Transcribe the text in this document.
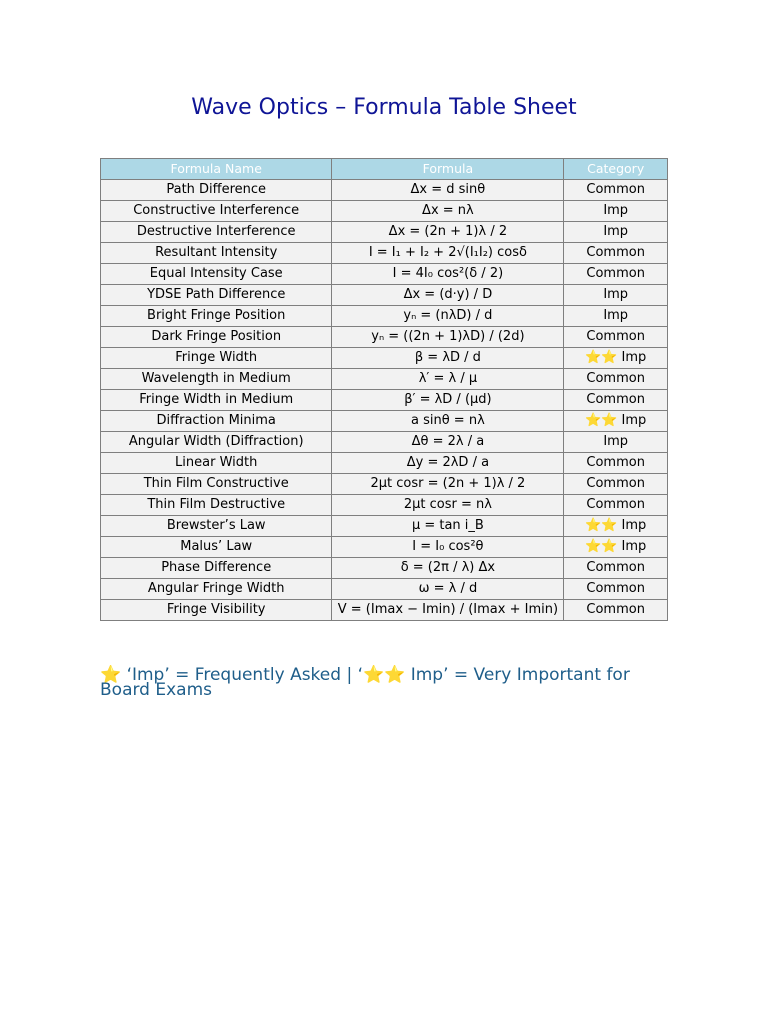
Wave Optics – Formula Table Sheet
Formula Name	Formula	Category
Path Difference	Δx = d sinθ	Common
Constructive Interference	Δx = nλ	Imp
Destructive Interference	Δx = (2n + 1)λ / 2	Imp
Resultant Intensity	I = I₁ + I₂ + 2√(I₁I₂) cosδ	Common
Equal Intensity Case	I = 4I₀ cos²(δ / 2)	Common
YDSE Path Difference	Δx = (d·y) / D	Imp
Bright Fringe Position	yₙ = (nλD) / d	Imp
Dark Fringe Position	yₙ = ((2n + 1)λD) / (2d)	Common
Fringe Width	β = λD / d	⭐⭐ Imp
Wavelength in Medium	λ′ = λ / μ	Common
Fringe Width in Medium	β′ = λD / (μd)	Common
Diffraction Minima	a sinθ = nλ	⭐⭐ Imp
Angular Width (Diffraction)	Δθ = 2λ / a	Imp
Linear Width	Δy = 2λD / a	Common
Thin Film Constructive	2μt cosr = (2n + 1)λ / 2	Common
Thin Film Destructive	2μt cosr = nλ	Common
Brewster’s Law	μ = tan i_B	⭐⭐ Imp
Malus’ Law	I = I₀ cos²θ	⭐⭐ Imp
Phase Difference	δ = (2π / λ) Δx	Common
Angular Fringe Width	ω = λ / d	Common
Fringe Visibility	V = (Imax − Imin) / (Imax + Imin)	Common

⭐ ‘Imp’ = Frequently Asked | ‘⭐⭐ Imp’ = Very Important for Board Exams
